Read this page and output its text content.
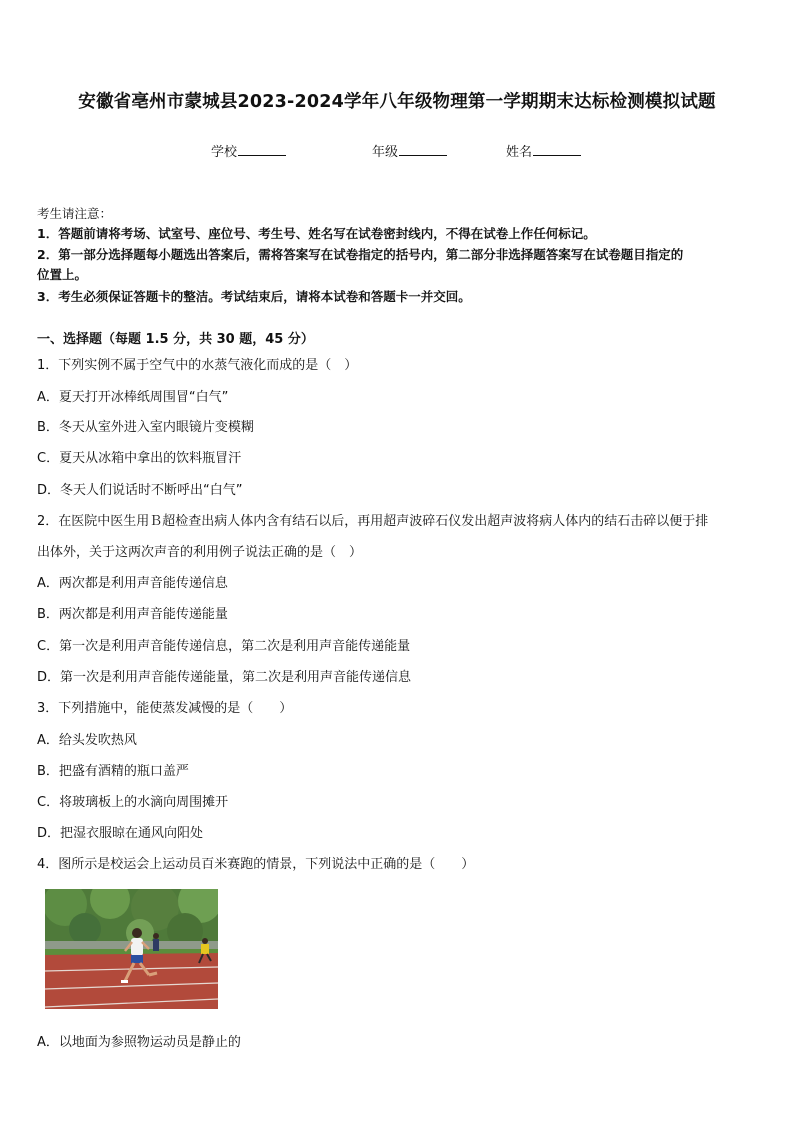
安徽省亳州市蒙城县2023-2024学年八年级物理第一学期期末达标检测模拟试题
学校	年级	姓名
考生请注意：
1．答题前请将考场、试室号、座位号、考生号、姓名写在试卷密封线内，不得在试卷上作任何标记。
2．第一部分选择题每小题选出答案后，需将答案写在试卷指定的括号内，第二部分非选择题答案写在试卷题目指定的
位置上。
3．考生必须保证答题卡的整洁。考试结束后，请将本试卷和答题卡一并交回。
一、选择题（每题 1.5 分，共 30 题，45 分）
1．下列实例不属于空气中的水蒸气液化而成的是（　）
A．夏天打开冰棒纸周围冒“白气”
B．冬天从室外进入室内眼镜片变模糊
C．夏天从冰箱中拿出的饮料瓶冒汗
D．冬天人们说话时不断呼出“白气”
2．在医院中医生用Ｂ超检查出病人体内含有结石以后，再用超声波碎石仪发出超声波将病人体内的结石击碎以便于排
出体外，关于这两次声音的利用例子说法正确的是（　）
A．两次都是利用声音能传递信息
B．两次都是利用声音能传递能量
C．第一次是利用声音能传递信息，第二次是利用声音能传递能量
D．第一次是利用声音能传递能量，第二次是利用声音能传递信息
3．下列措施中，能使蒸发减慢的是（　　）
A．给头发吹热风
B．把盛有酒精的瓶口盖严
C．将玻璃板上的水滴向周围摊开
D．把湿衣服晾在通风向阳处
4．图所示是校运会上运动员百米赛跑的情景，下列说法中正确的是（　　）
A．以地面为参照物运动员是静止的
